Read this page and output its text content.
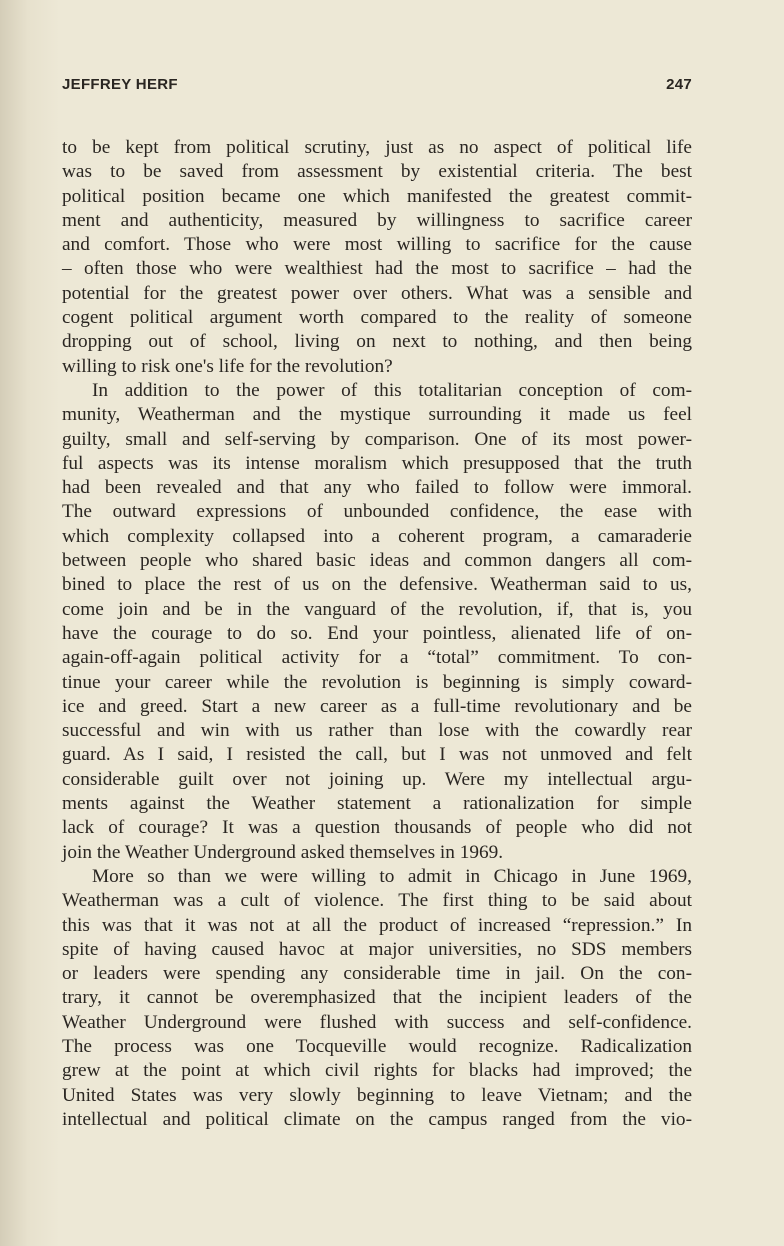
JEFFREY HERF	247
to be kept from political scrutiny, just as no aspect of political life
was to be saved from assessment by existential criteria. The best
political position became one which manifested the greatest commit-
ment and authenticity, measured by willingness to sacrifice career
and comfort. Those who were most willing to sacrifice for the cause
– often those who were wealthiest had the most to sacrifice – had the
potential for the greatest power over others. What was a sensible and
cogent political argument worth compared to the reality of someone
dropping out of school, living on next to nothing, and then being
willing to risk one's life for the revolution?
In addition to the power of this totalitarian conception of com-
munity, Weatherman and the mystique surrounding it made us feel
guilty, small and self-serving by comparison. One of its most power-
ful aspects was its intense moralism which presupposed that the truth
had been revealed and that any who failed to follow were immoral.
The outward expressions of unbounded confidence, the ease with
which complexity collapsed into a coherent program, a camaraderie
between people who shared basic ideas and common dangers all com-
bined to place the rest of us on the defensive. Weatherman said to us,
come join and be in the vanguard of the revolution, if, that is, you
have the courage to do so. End your pointless, alienated life of on-
again-off-again political activity for a “total” commitment. To con-
tinue your career while the revolution is beginning is simply coward-
ice and greed. Start a new career as a full-time revolutionary and be
successful and win with us rather than lose with the cowardly rear
guard. As I said, I resisted the call, but I was not unmoved and felt
considerable guilt over not joining up. Were my intellectual argu-
ments against the Weather statement a rationalization for simple
lack of courage? It was a question thousands of people who did not
join the Weather Underground asked themselves in 1969.
More so than we were willing to admit in Chicago in June 1969,
Weatherman was a cult of violence. The first thing to be said about
this was that it was not at all the product of increased “repression.” In
spite of having caused havoc at major universities, no SDS members
or leaders were spending any considerable time in jail. On the con-
trary, it cannot be overemphasized that the incipient leaders of the
Weather Underground were flushed with success and self-confidence.
The process was one Tocqueville would recognize. Radicalization
grew at the point at which civil rights for blacks had improved; the
United States was very slowly beginning to leave Vietnam; and the
intellectual and political climate on the campus ranged from the vio-
